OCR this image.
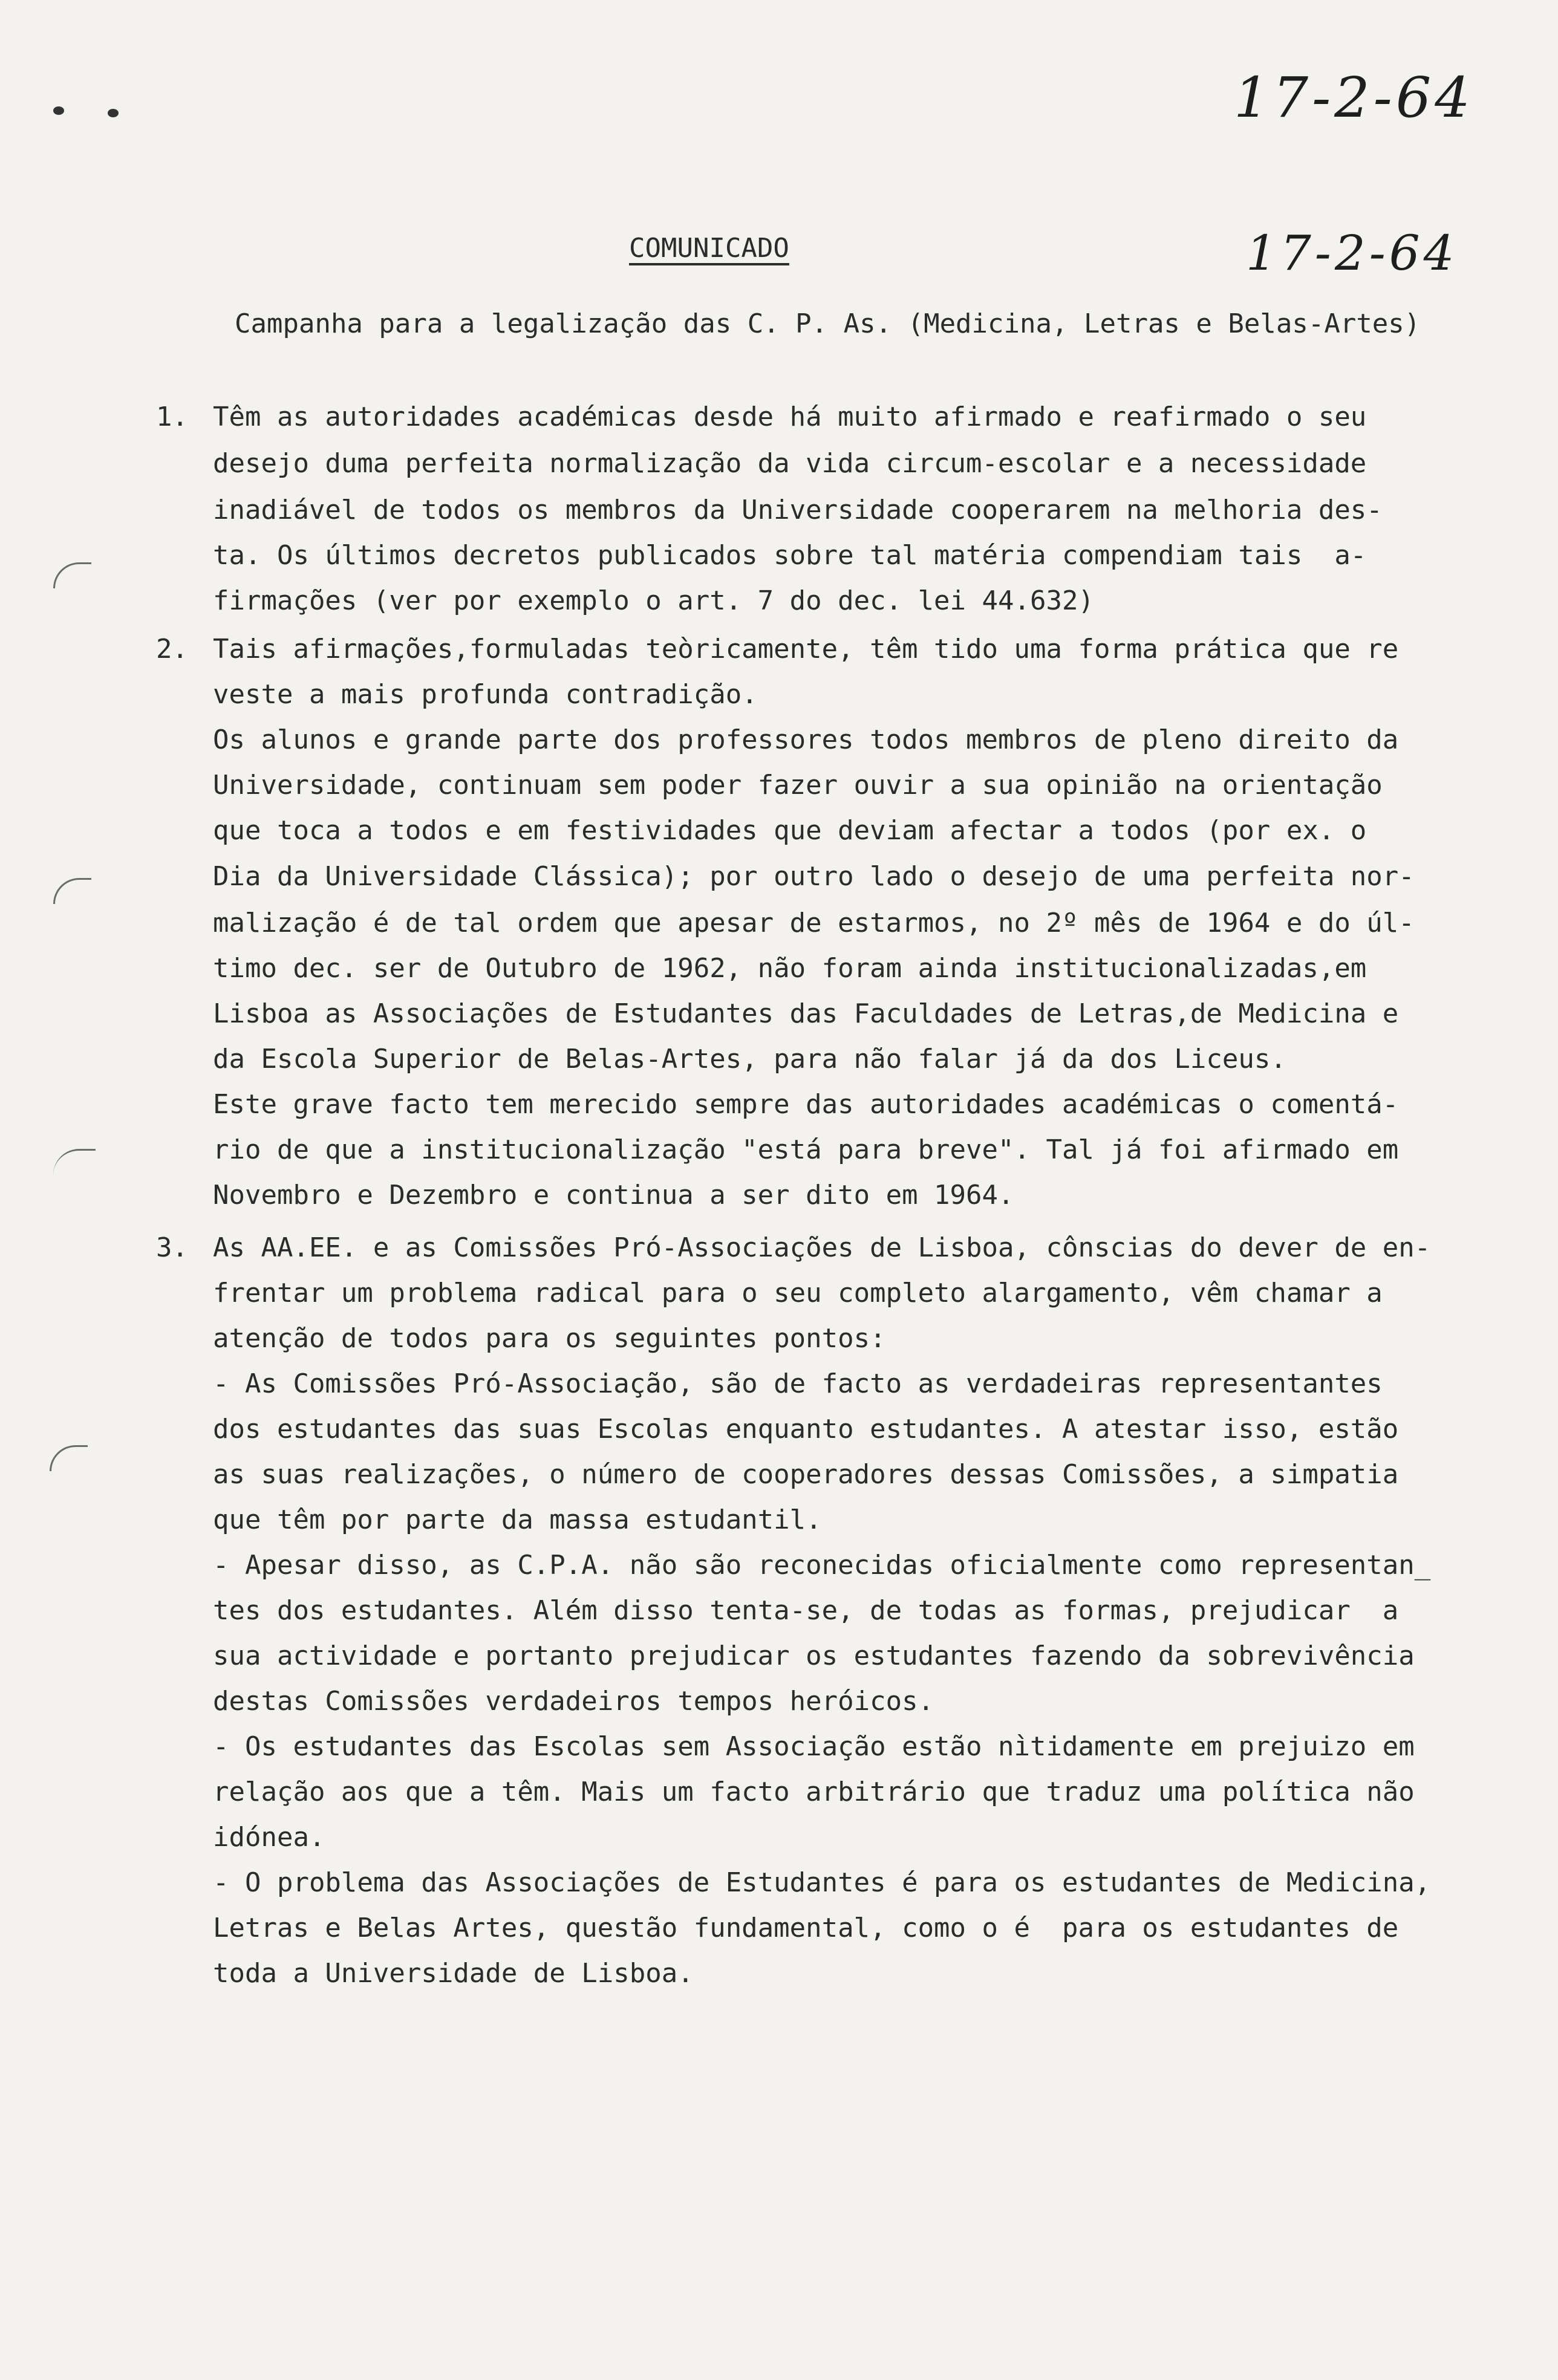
17-2-64
17-2-64
COMUNICADO
Campanha para a legalização das C. P. As. (Medicina, Letras e Belas-Artes)
1.
2.
3.
Têm as autoridades académicas desde há muito afirmado e reafirmado o seu
desejo duma perfeita normalização da vida circum-escolar e a necessidade
inadiável de todos os membros da Universidade cooperarem na melhoria des-
ta. Os últimos decretos publicados sobre tal matéria compendiam tais  a-
firmações (ver por exemplo o art. 7 do dec. lei 44.632)
Tais afirmações,formuladas teòricamente, têm tido uma forma prática que re
veste a mais profunda contradição.
Os alunos e grande parte dos professores todos membros de pleno direito da
Universidade, continuam sem poder fazer ouvir a sua opinião na orientação
que toca a todos e em festividades que deviam afectar a todos (por ex. o
Dia da Universidade Clássica); por outro lado o desejo de uma perfeita nor-
malização é de tal ordem que apesar de estarmos, no 2º mês de 1964 e do úl-
timo dec. ser de Outubro de 1962, não foram ainda institucionalizadas,em
Lisboa as Associações de Estudantes das Faculdades de Letras,de Medicina e
da Escola Superior de Belas-Artes, para não falar já da dos Liceus.
Este grave facto tem merecido sempre das autoridades académicas o comentá-
rio de que a institucionalização "está para breve". Tal já foi afirmado em
Novembro e Dezembro e continua a ser dito em 1964.
As AA.EE. e as Comissões Pró-Associações de Lisboa, cônscias do dever de en-
frentar um problema radical para o seu completo alargamento, vêm chamar a
atenção de todos para os seguintes pontos:
- As Comissões Pró-Associação, são de facto as verdadeiras representantes
dos estudantes das suas Escolas enquanto estudantes. A atestar isso, estão
as suas realizações, o número de cooperadores dessas Comissões, a simpatia
que têm por parte da massa estudantil.
- Apesar disso, as C.P.A. não são reconecidas oficialmente como representan_
tes dos estudantes. Além disso tenta-se, de todas as formas, prejudicar  a
sua actividade e portanto prejudicar os estudantes fazendo da sobrevivência
destas Comissões verdadeiros tempos heróicos.
- Os estudantes das Escolas sem Associação estão nìtidamente em prejuizo em
relação aos que a têm. Mais um facto arbitrário que traduz uma política não
idónea.
- O problema das Associações de Estudantes é para os estudantes de Medicina,
Letras e Belas Artes, questão fundamental, como o é  para os estudantes de
toda a Universidade de Lisboa.
